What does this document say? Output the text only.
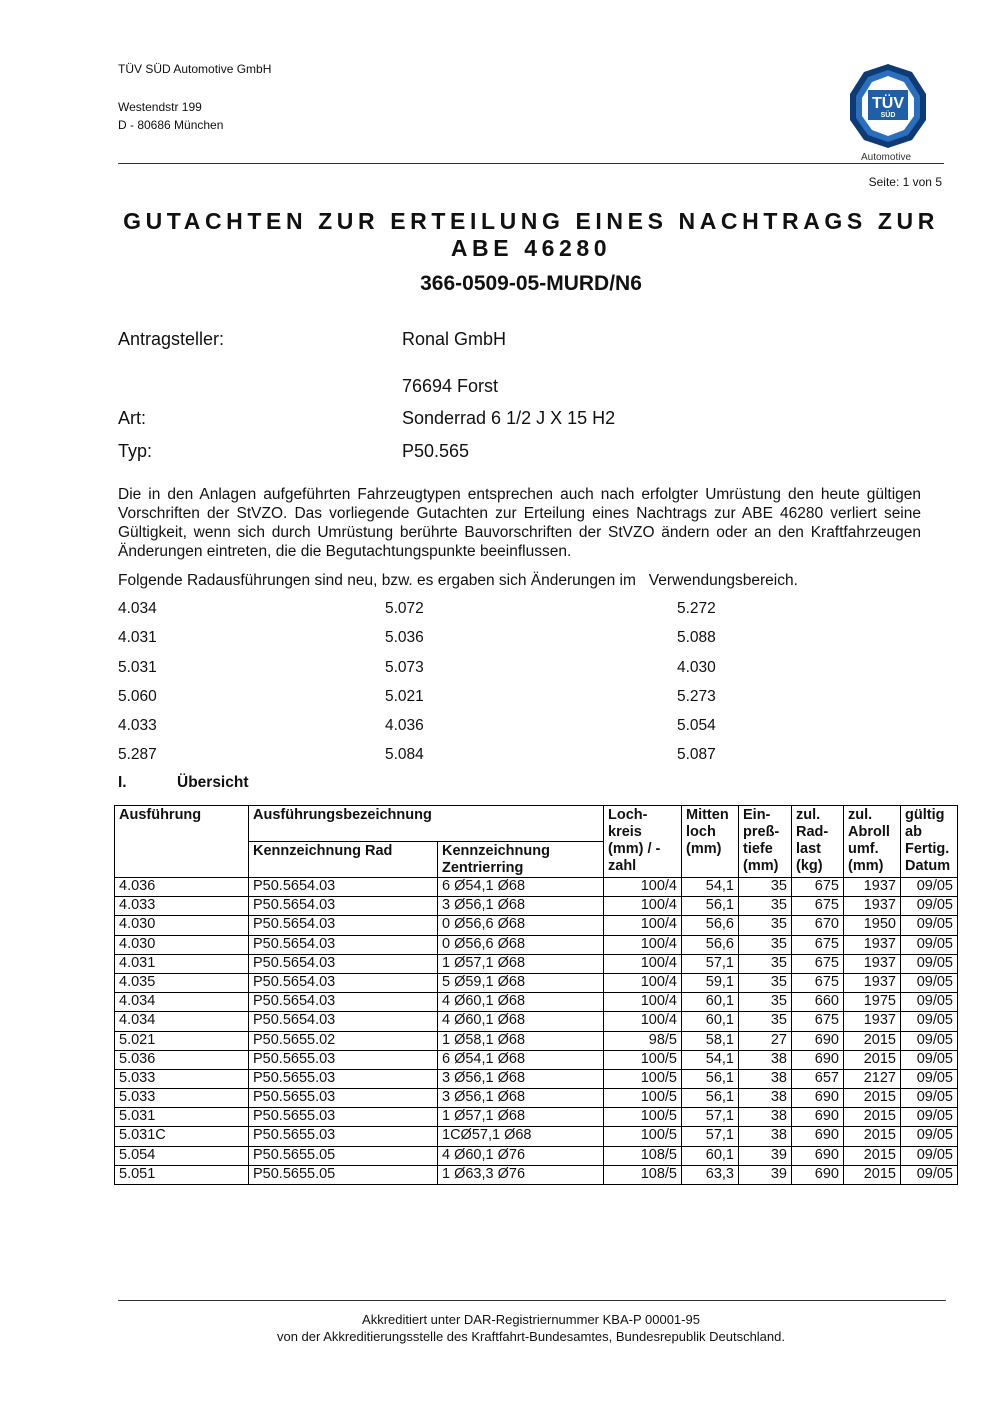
TÜV SÜD Automotive GmbH
Westendstr 199
D - 80686 München
TÜV
SÜD
Automotive
Seite: 1 von 5
GUTACHTEN ZUR ERTEILUNG EINES NACHTRAGS ZUR
ABE 46280
366-0509-05-MURD/N6
Antragsteller:	Ronal GmbH
76694 Forst
Art:	Sonderrad 6 1/2 J X 15 H2
Typ:	P50.565
Die in den Anlagen aufgeführten Fahrzeugtypen entsprechen auch nach erfolgter Umrüstung den heute gültigen Vorschriften der StVZO. Das vorliegende Gutachten zur Erteilung eines Nachtrags zur ABE 46280 verliert seine Gültigkeit, wenn sich durch Umrüstung berührte Bauvorschriften der StVZO ändern oder an den Kraftfahrzeugen Änderungen eintreten, die die Begutachtungspunkte beeinflussen.
Folgende Radausführungen sind neu, bzw. es ergaben sich Änderungen im   Verwendungsbereich.
4.034	5.072	5.272
4.031	5.036	5.088
5.031	5.073	4.030
5.060	5.021	5.273
4.033	4.036	5.054
5.287	5.084	5.087
I.	Übersicht
Ausführung	Ausführungsbezeichnung		Loch- kreis (mm) / -zahl	Mitten loch (mm)	Ein- preß- tiefe (mm)	zul. Rad- last (kg)	zul. Abroll umf. (mm)	gültig ab Fertig. Datum
	Kennzeichnung Rad	Kennzeichnung Zentrierring						
4.036	P50.5654.03	6 Ø54,1 Ø68	100/4	54,1	35	675	1937	09/05
4.033	P50.5654.03	3 Ø56,1 Ø68	100/4	56,1	35	675	1937	09/05
4.030	P50.5654.03	0 Ø56,6 Ø68	100/4	56,6	35	670	1950	09/05
4.030	P50.5654.03	0 Ø56,6 Ø68	100/4	56,6	35	675	1937	09/05
4.031	P50.5654.03	1 Ø57,1 Ø68	100/4	57,1	35	675	1937	09/05
4.035	P50.5654.03	5 Ø59,1 Ø68	100/4	59,1	35	675	1937	09/05
4.034	P50.5654.03	4 Ø60,1 Ø68	100/4	60,1	35	660	1975	09/05
4.034	P50.5654.03	4 Ø60,1 Ø68	100/4	60,1	35	675	1937	09/05
5.021	P50.5655.02	1 Ø58,1 Ø68	98/5	58,1	27	690	2015	09/05
5.036	P50.5655.03	6 Ø54,1 Ø68	100/5	54,1	38	690	2015	09/05
5.033	P50.5655.03	3 Ø56,1 Ø68	100/5	56,1	38	657	2127	09/05
5.033	P50.5655.03	3 Ø56,1 Ø68	100/5	56,1	38	690	2015	09/05
5.031	P50.5655.03	1 Ø57,1 Ø68	100/5	57,1	38	690	2015	09/05
5.031C	P50.5655.03	1CØ57,1 Ø68	100/5	57,1	38	690	2015	09/05
5.054	P50.5655.05	4 Ø60,1 Ø76	108/5	60,1	39	690	2015	09/05
5.051	P50.5655.05	1 Ø63,3 Ø76	108/5	63,3	39	690	2015	09/05
Akkreditiert unter DAR-Registriernummer KBA-P 00001-95
von der Akkreditierungsstelle des Kraftfahrt-Bundesamtes, Bundesrepublik Deutschland.
